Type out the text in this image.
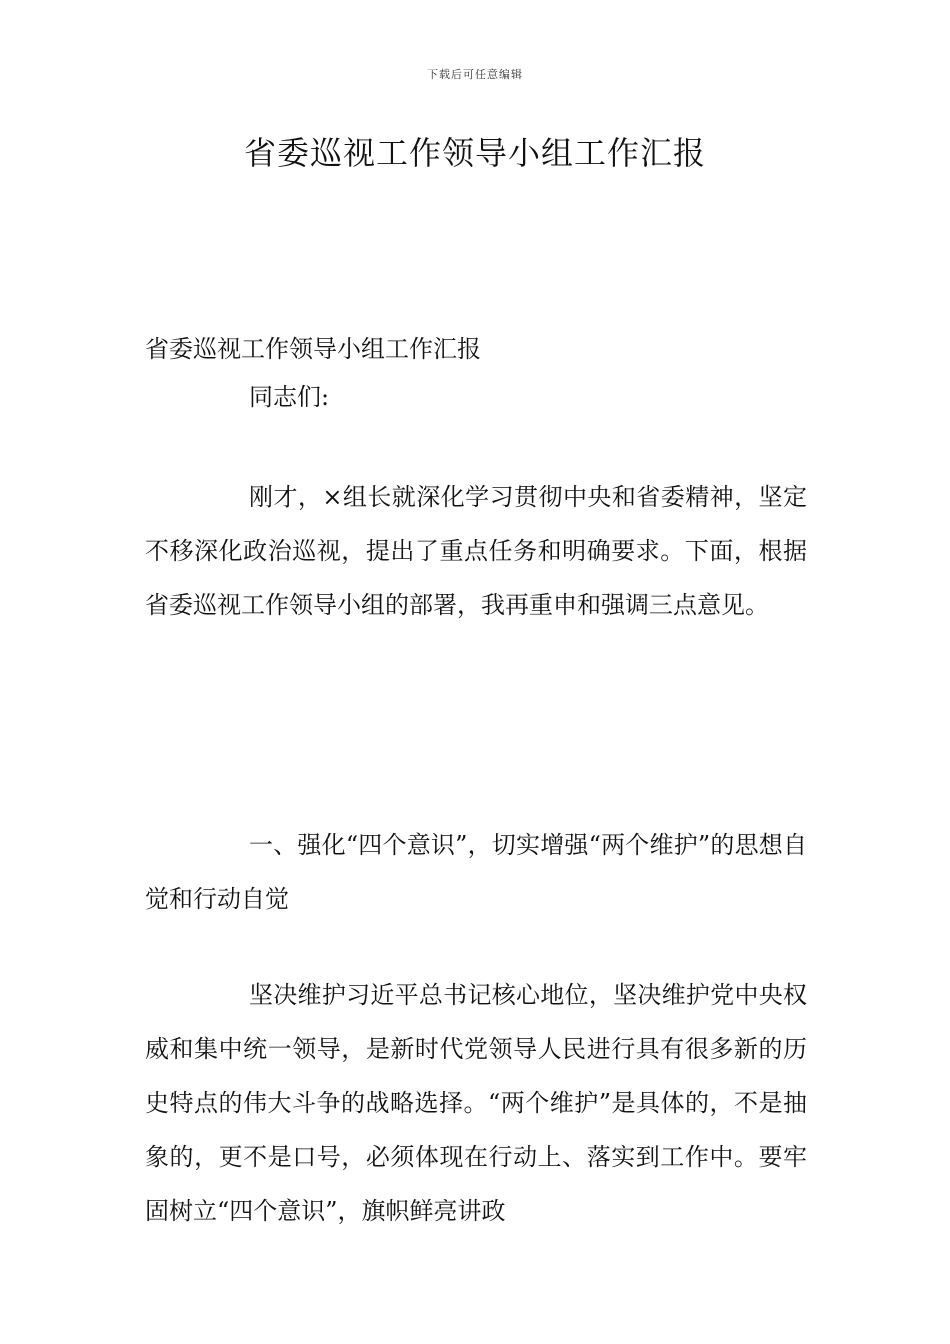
下载后可任意编辑
省委巡视工作领导小组工作汇报
省委巡视工作领导小组工作汇报
同志们:
刚才，×组长就深化学习贯彻中央和省委精神，坚定不移深化政治巡视，提出了重点任务和明确要求。下面，根据省委巡视工作领导小组的部署，我再重申和强调三点意见。
一、强化“四个意识”，切实增强“两个维护”的思想自觉和行动自觉
坚决维护习近平总书记核心地位，坚决维护党中央权威和集中统一领导，是新时代党领导人民进行具有很多新的历史特点的伟大斗争的战略选择。“两个维护”是具体的，不是抽象的，更不是口号，必须体现在行动上、落实到工作中。要牢固树立“四个意识”，旗帜鲜亮讲政
